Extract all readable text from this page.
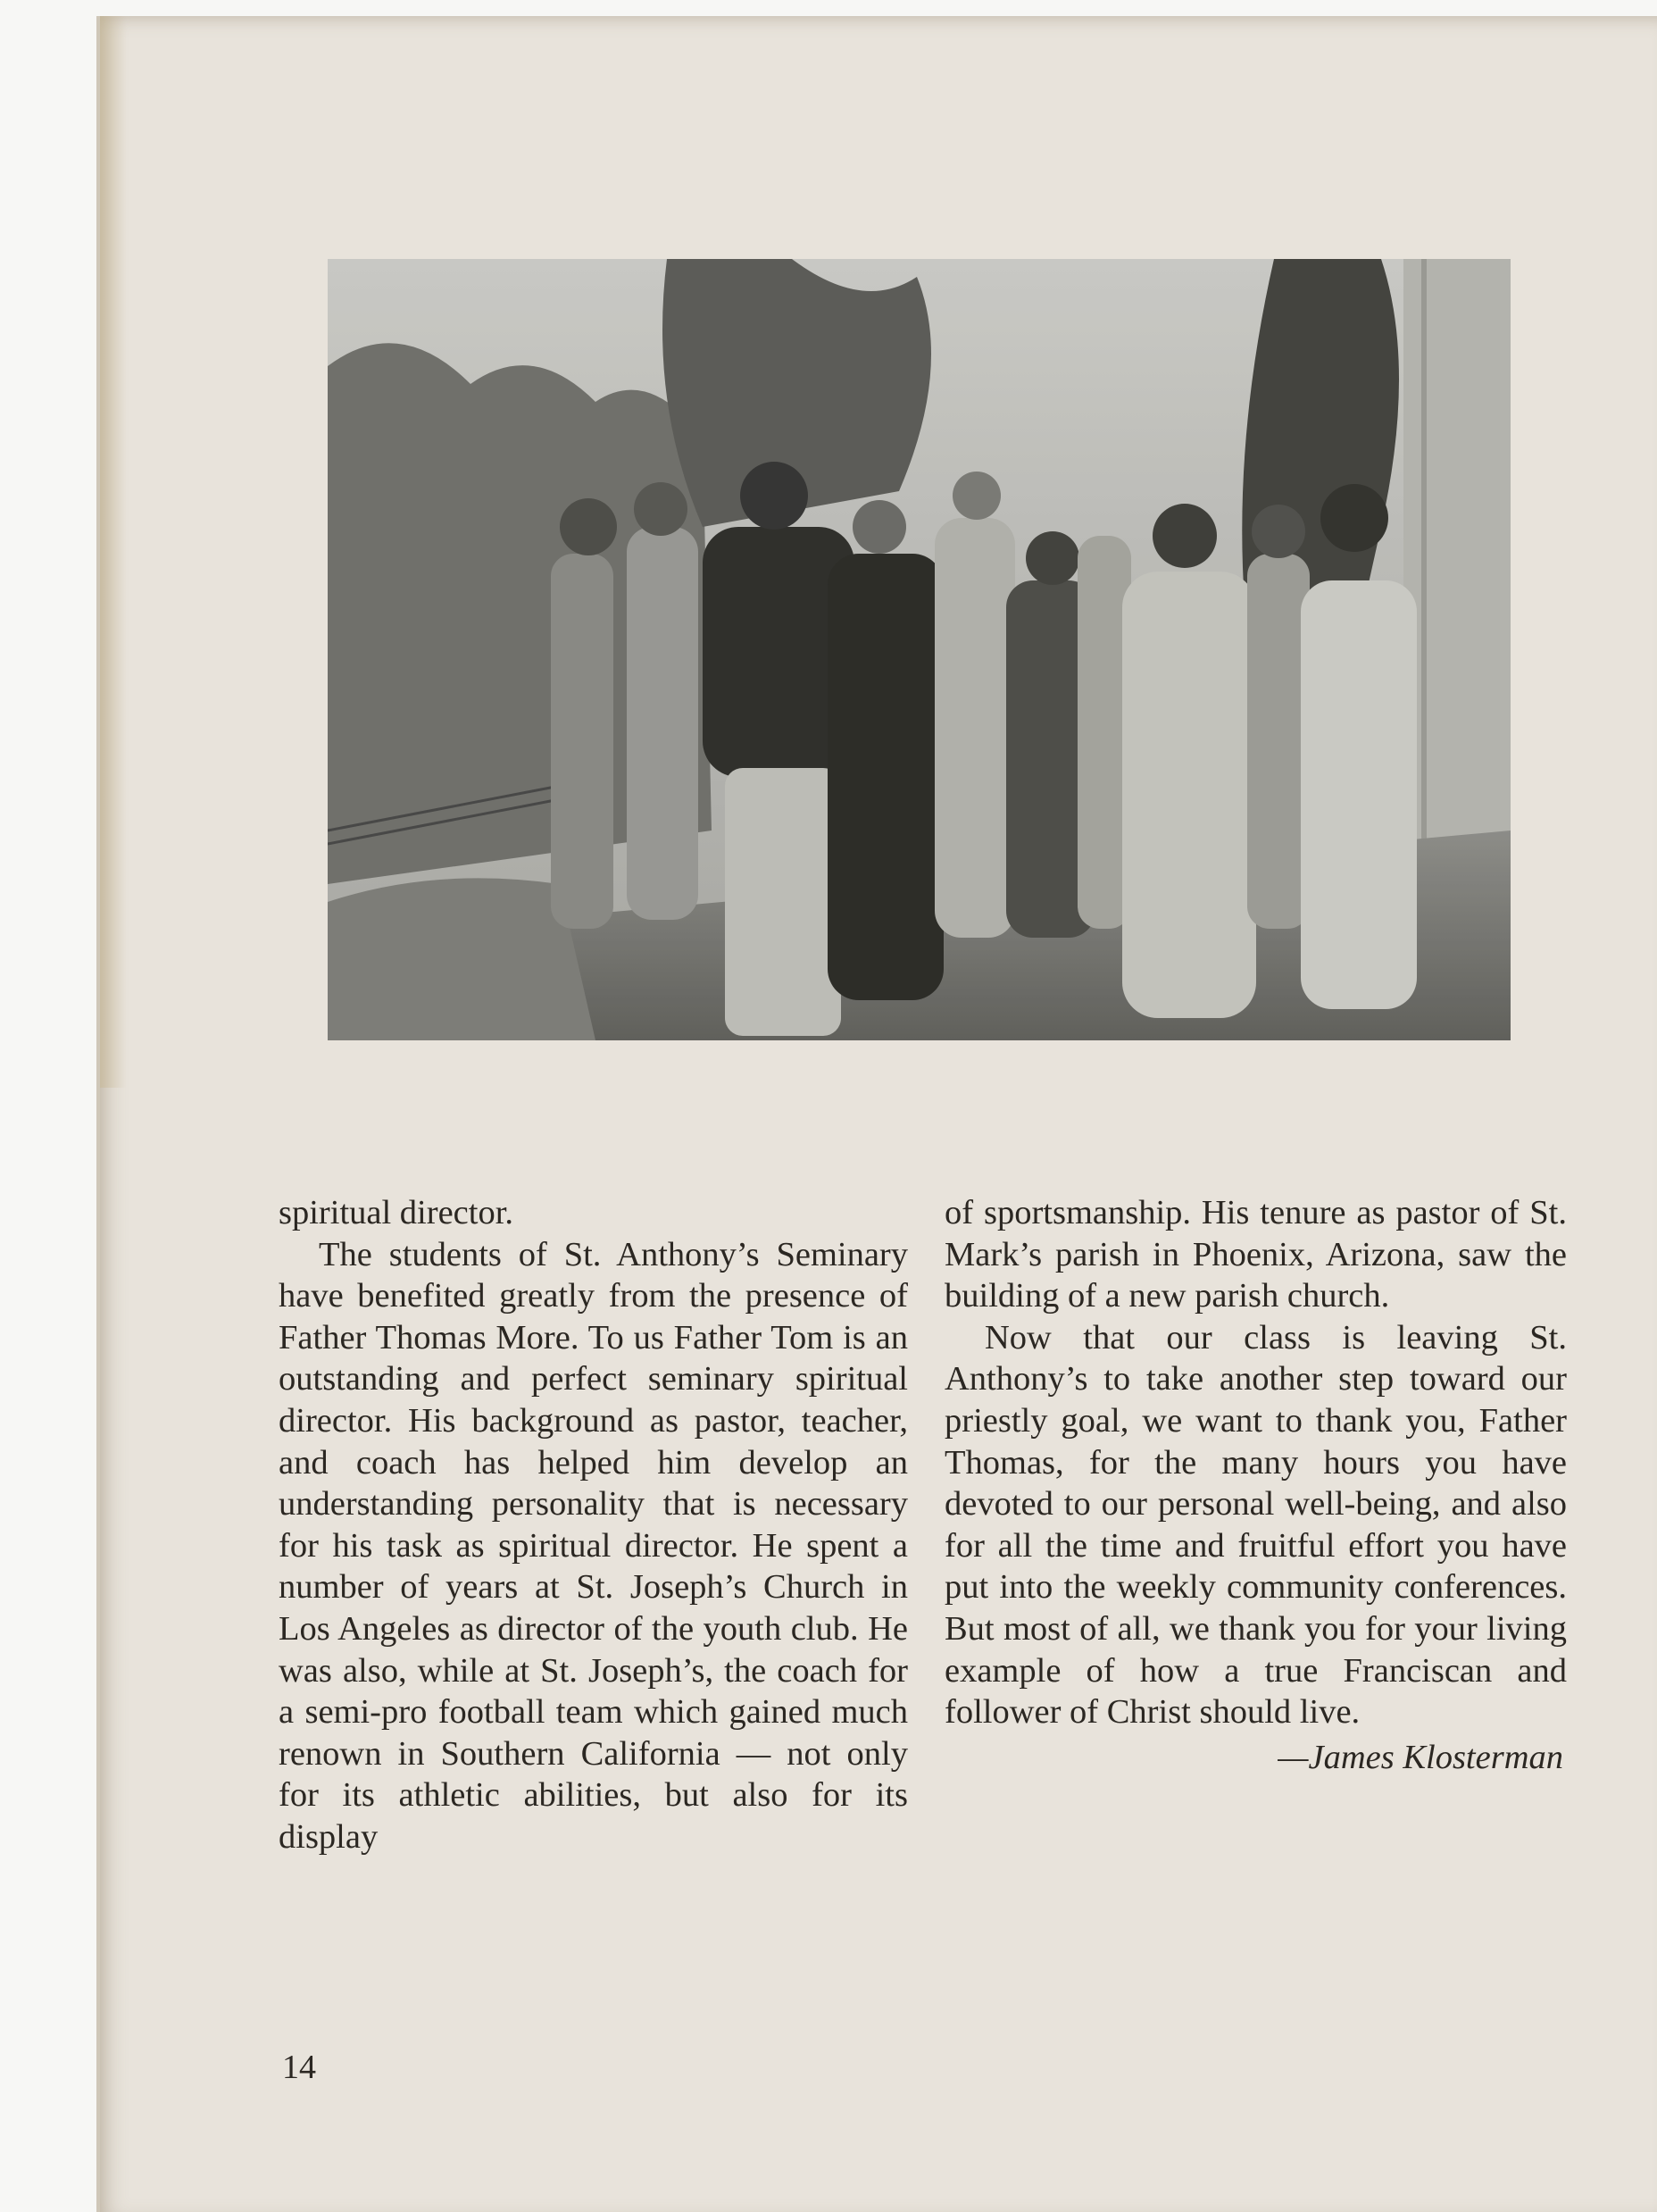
spiritual director.

The students of St. Anthony’s Seminary have benefited greatly from the presence of Father Thomas More. To us Father Tom is an outstanding and perfect seminary spiritual director. His background as pastor, teacher, and coach has helped him develop an understanding personality that is necessary for his task as spiritual director. He spent a number of years at St. Joseph’s Church in Los Angeles as director of the youth club. He was also, while at St. Joseph’s, the coach for a semi-pro football team which gained much renown in Southern California — not only for its athletic abilities, but also for its display

of sportsmanship. His tenure as pastor of St. Mark’s parish in Phoenix, Arizona, saw the building of a new parish church.

Now that our class is leaving St. Anthony’s to take another step toward our priestly goal, we want to thank you, Father Thomas, for the many hours you have devoted to our personal well-being, and also for all the time and fruitful effort you have put into the weekly community conferences. But most of all, we thank you for your living example of how a true Franciscan and follower of Christ should live.

—James Klosterman

14
